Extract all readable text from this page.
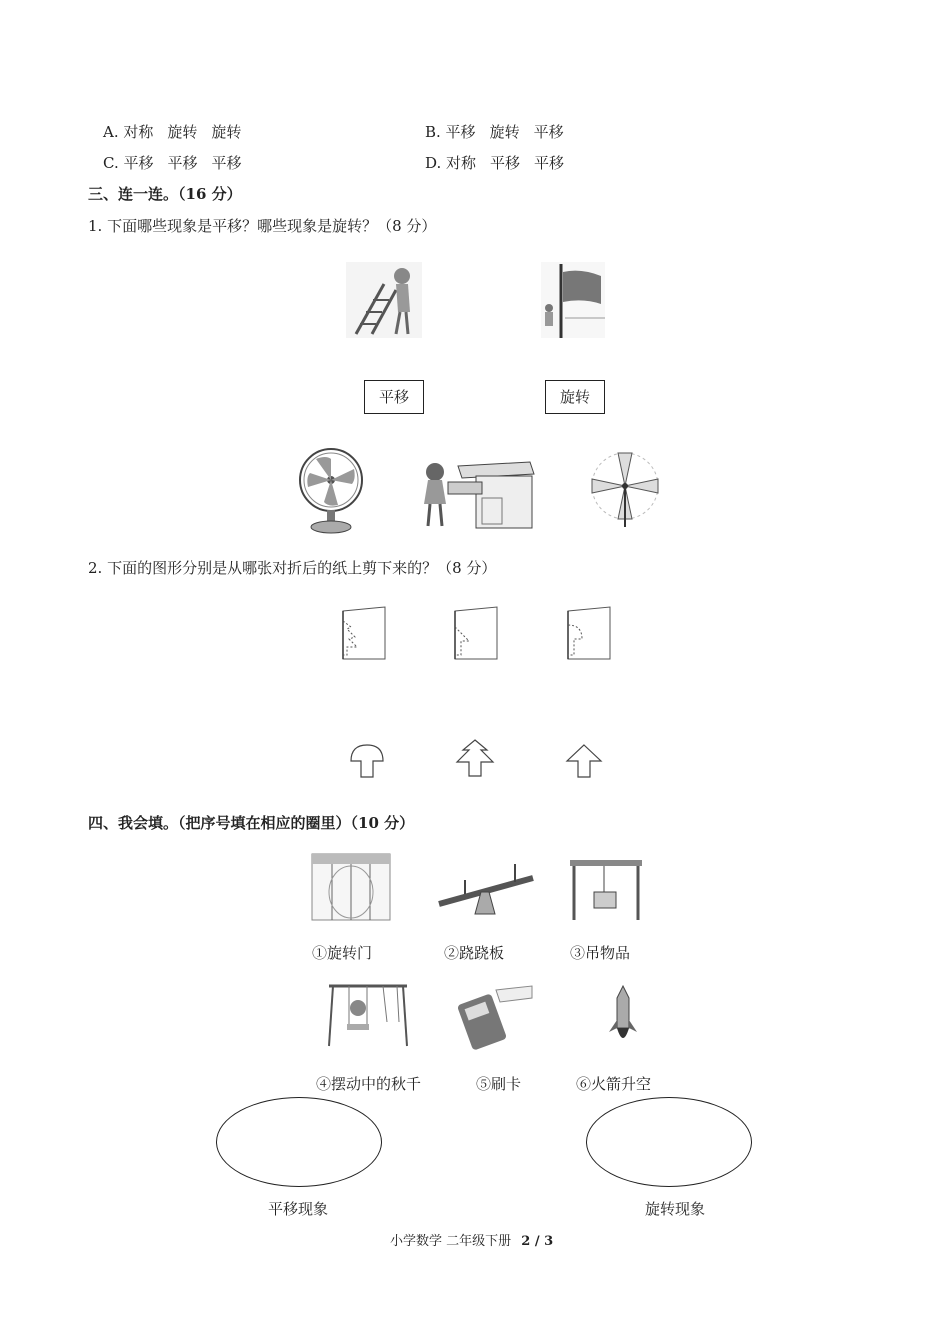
A. 对称 旋转 旋转	B. 平移 旋转 平移
C. 平移 平移 平移	D. 对称 平移 平移
三、连一连。（16 分）
1. 下面哪些现象是平移？哪些现象是旋转？（8 分）
平移	旋转
2. 下面的图形分别是从哪张对折后的纸上剪下来的？（8 分）
四、我会填。（把序号填在相应的圈里）（10 分）
①旋转门	②跷跷板	③吊物品
④摆动中的秋千	⑤刷卡	⑥火箭升空
平移现象	旋转现象
小学数学 二年级下册 2 / 3
